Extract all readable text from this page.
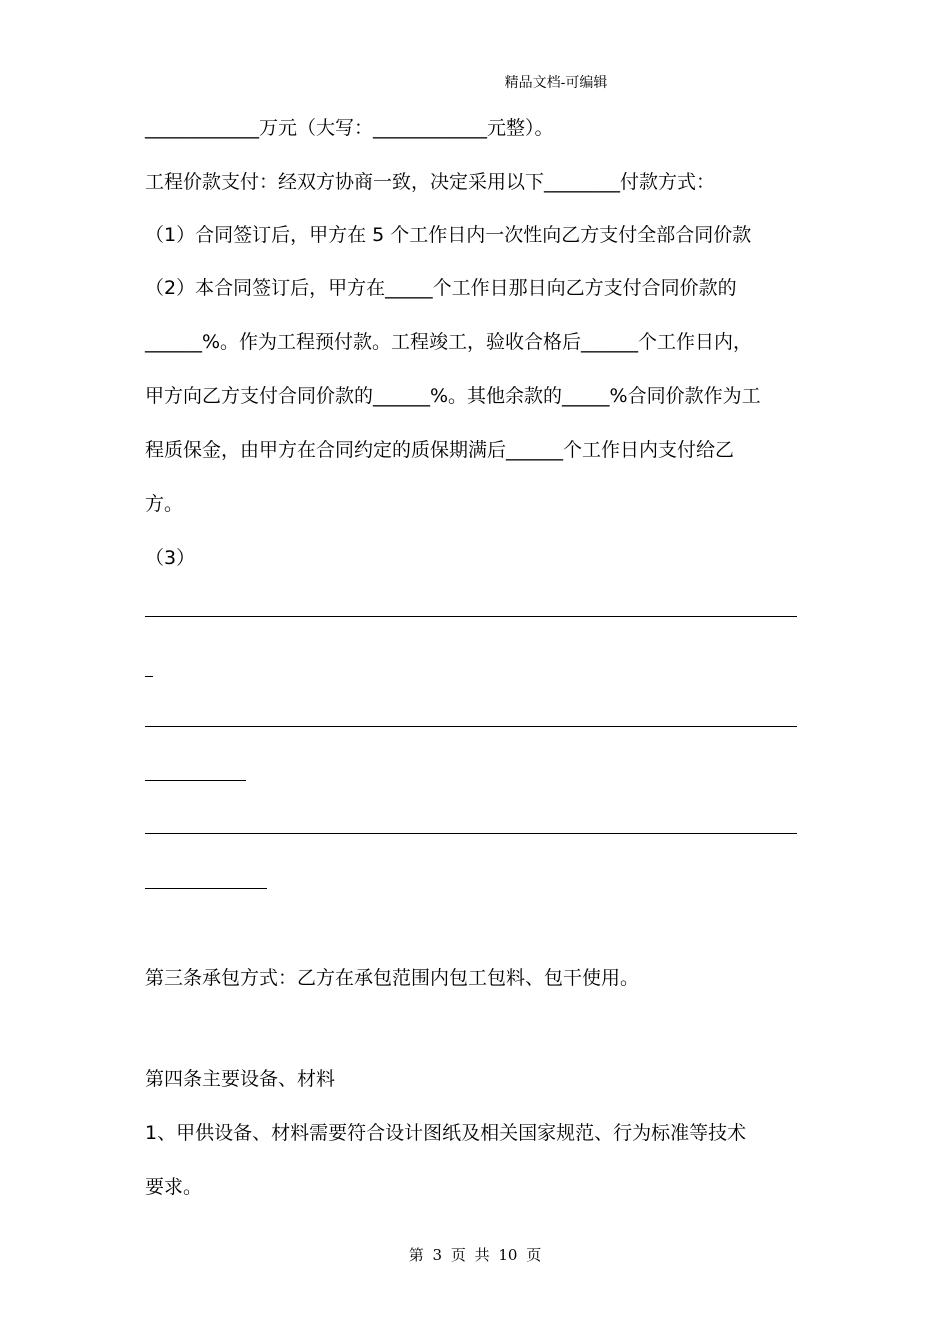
精品文档-可编辑
____________万元（大写：____________元整）。
工程价款支付：经双方协商一致，决定采用以下________付款方式：
（1）合同签订后，甲方在 5 个工作日内一次性向乙方支付全部合同价款
（2）本合同签订后，甲方在_____个工作日那日向乙方支付合同价款的
______%。作为工程预付款。工程竣工，验收合格后______个工作日内，
甲方向乙方支付合同价款的______%。其他余款的_____%合同价款作为工
程质保金，由甲方在合同约定的质保期满后______个工作日内支付给乙
方。
（3）
第三条承包方式：乙方在承包范围内包工包料、包干使用。
第四条主要设备、材料
1、甲供设备、材料需要符合设计图纸及相关国家规范、行为标准等技术
要求。
第 3 页 共 10 页
